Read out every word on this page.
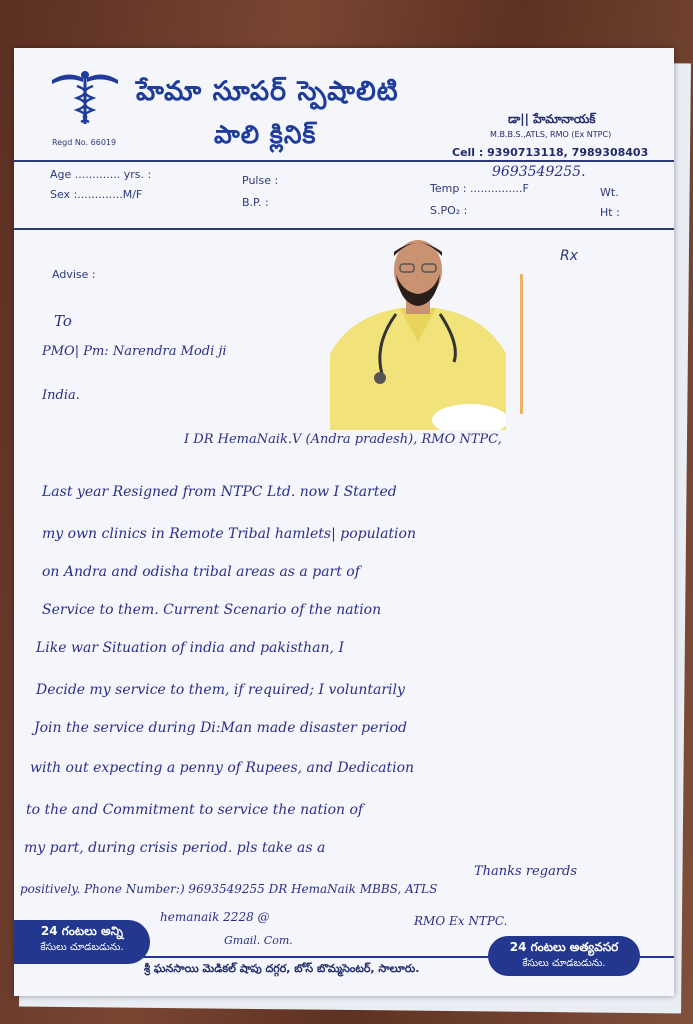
Regd No. 66019
హేమా సూపర్ స్పెషాలిటి
పాలి క్లినిక్
డా|| హేమానాయక్
M.B.B.S.,ATLS, RMO (Ex NTPC)
Cell : 9390713118, 7989308403
Age ............. yrs. :
Sex :.............M/F
Pulse :
B.P. :
Temp : ...............F	Wt.
S.PO₂ :	Ht :
9693549255.
Advise :
Rx
To
PMO| Pm: Narendra Modi ji
India.
I DR HemaNaik.V (Andra pradesh), RMO NTPC,
Last year Resigned from NTPC Ltd. now I Started
my own clinics in Remote Tribal hamlets| population
on Andra and odisha tribal areas as a part of
Service to them. Current Scenario of the nation
Like war Situation of india and pakisthan, I
Decide my service to them, if required; I voluntarily
Join the service during Di:Man made disaster period
with out expecting a penny of Rupees, and Dedication
to the and Commitment to service the nation of
my part, during crisis period. pls take as a
Thanks regards
positively. Phone Number:) 9693549255 DR HemaNaik MBBS, ATLS
hemanaik 2228 @	RMO Ex NTPC.
Gmail. Com.
24 గంటలు అన్ని
కేసులు చూడబడును.	24 గంటలు అత్యవసర
కేసులు చూడబడును.
శ్రీ ఘనసాయి మెడికల్ షాపు దగ్గర, బోస్ బొమ్మసెంటర్, సాలూరు.
